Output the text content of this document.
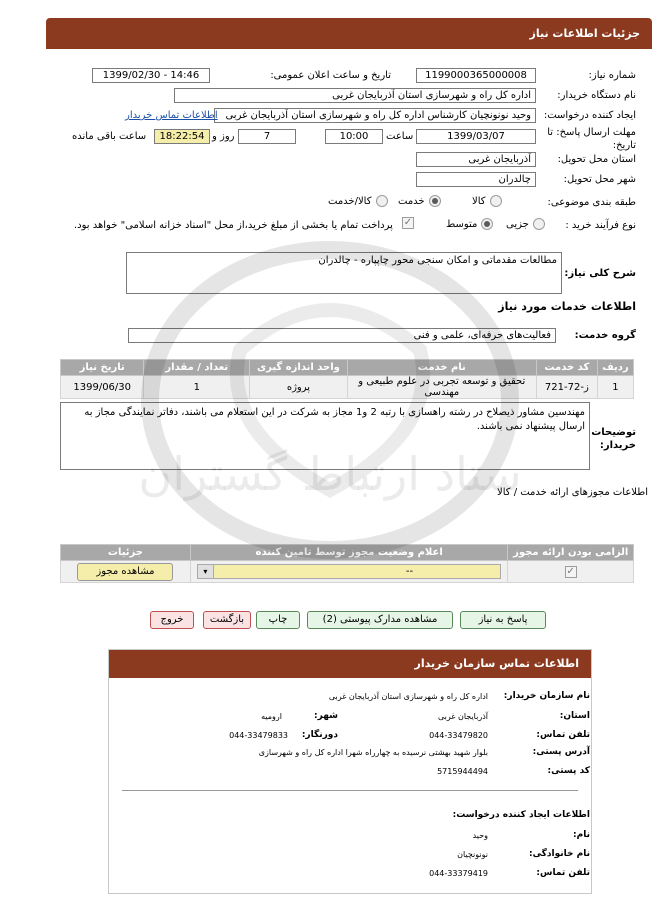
جزئیات اطلاعات نیاز
شماره نیاز:
1199000365000008
تاریخ و ساعت اعلان عمومی:
1399/02/30 - 14:46
نام دستگاه خریدار:
اداره کل راه و شهرسازی استان آذربایجان غربی
ایجاد کننده درخواست:
وحید نونونچیان کارشناس اداره کل راه و شهرسازی استان آذربایجان غربی
اطلاعات تماس خریدار
مهلت ارسال پاسخ: تا تاریخ:
1399/03/07
ساعت
10:00
7
روز و
18:22:54
ساعت باقی مانده
استان محل تحویل:
آذربایجان غربی
شهر محل تحویل:
چالدران
طبقه بندی موضوعی:
کالا
خدمت
کالا/خدمت
نوع فرآیند خرید :
جزیی
متوسط
✓
پرداخت تمام یا بخشی از مبلغ خرید،از محل "اسناد خزانه اسلامی" خواهد بود.
شرح کلی نیاز:
مطالعات مقدماتی و امکان سنجی محور چاپپاره - چالدران
اطلاعات خدمات مورد نیاز
گروه خدمت:
فعالیت‌های حرفه‌ای، علمی و فنی
ردیف	کد خدمت	نام خدمت	واحد اندازه گیری	تعداد / مقدار	تاریخ نیاز
1	ز-72-721	تحقیق و توسعه تجربی در علوم طبیعی و مهندسی	پروژه	1	1399/06/30
توضیحات خریدار:
مهندسین مشاور ذیصلاح در رشته راهسازی با رتبه 2 و1 مجاز به شرکت در این استعلام می باشند، دفاتر نمایندگی مجاز به ارسال پیشنهاد نمی باشند.
اطلاعات مجوزهای ارائه خدمت / کالا
الزامی بودن ارائه مجوز	اعلام وضعیت مجوز توسط تامین کننده	جزئیات
✓	▾ --	مشاهده مجوز
پاسخ به نیاز
مشاهده مدارک پیوستی (2)
چاپ
بازگشت
خروج
اطلاعات تماس سازمان خریدار
نام سازمان خریدار:
اداره کل راه و شهرسازی استان آذربایجان غربی
استان:
آذربایجان غربی
شهر:
ارومیه
تلفن تماس:
044-33479820
دورنگار:
044-33479833
آدرس پستی:
بلوار شهید بهشتی نرسیده به چهارراه شهرا اداره کل راه و شهرسازی
کد پستی:
5715944494
اطلاعات ایجاد کننده درخواست:
نام:
وحید
نام خانوادگی:
نونونچیان
تلفن تماس:
044-33379419
ستاد ارتباط گستران
